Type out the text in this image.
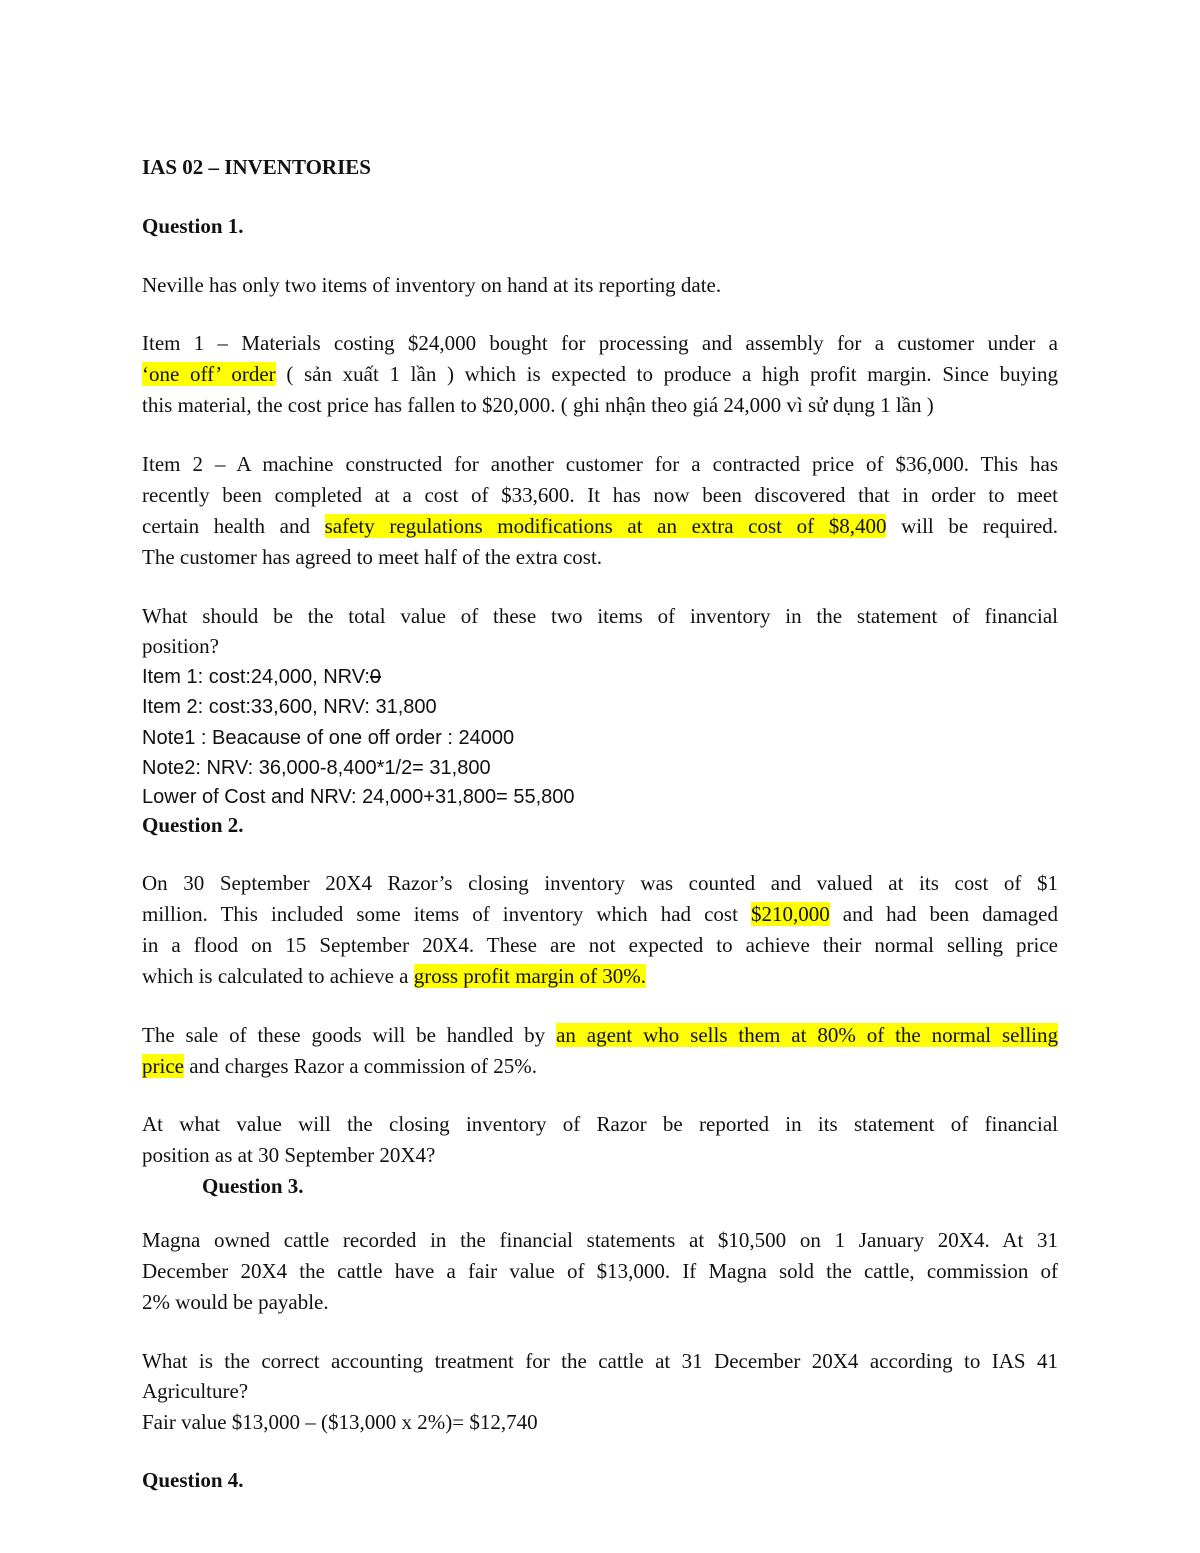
IAS 02 – INVENTORIES
Question 1.
Neville has only two items of inventory on hand at its reporting date.
Item 1 – Materials costing $24,000 bought for processing and assembly for a customer under a
‘one off’ order ( sản xuất 1 lần ) which is expected to produce a high profit margin. Since buying
this material, the cost price has fallen to $20,000. ( ghi nhận theo giá 24,000 vì sử dụng 1 lần )
Item 2 – A machine constructed for another customer for a contracted price of $36,000. This has
recently been completed at a cost of $33,600. It has now been discovered that in order to meet
certain health and safety regulations modifications at an extra cost of $8,400 will be required.
The customer has agreed to meet half of the extra cost.
What should be the total value of these two items of inventory in the statement of financial
position?
Item 1: cost:24,000, NRV:0
Item 2: cost:33,600, NRV: 31,800
Note1 : Beacause of one off order : 24000
Note2: NRV: 36,000-8,400*1/2= 31,800
Lower of Cost and NRV: 24,000+31,800= 55,800
Question 2.
On 30 September 20X4 Razor’s closing inventory was counted and valued at its cost of $1
million. This included some items of inventory which had cost $210,000 and had been damaged
in a flood on 15 September 20X4. These are not expected to achieve their normal selling price
which is calculated to achieve a gross profit margin of 30%.
The sale of these goods will be handled by an agent who sells them at 80% of the normal selling
price and charges Razor a commission of 25%.
At what value will the closing inventory of Razor be reported in its statement of financial
position as at 30 September 20X4?
Question 3.
Magna owned cattle recorded in the financial statements at $10,500 on 1 January 20X4. At 31
December 20X4 the cattle have a fair value of $13,000. If Magna sold the cattle, commission of
2% would be payable.
What is the correct accounting treatment for the cattle at 31 December 20X4 according to IAS 41
Agriculture?
Fair value $13,000 – ($13,000 x 2%)= $12,740
Question 4.
